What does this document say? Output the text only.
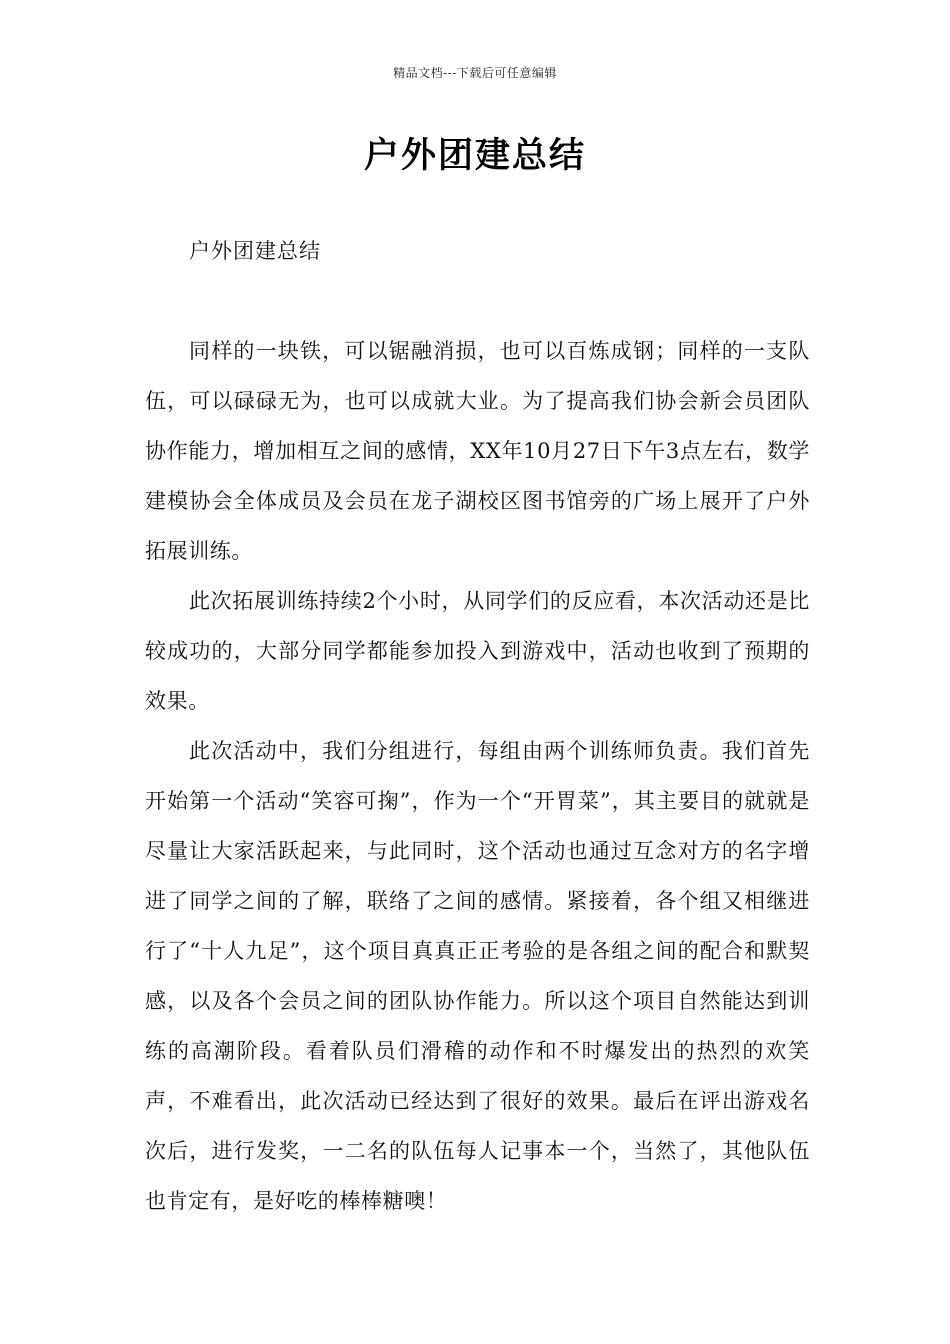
精品文档---下载后可任意编辑
户外团建总结
户外团建总结

同样的一块铁，可以锯融消损，也可以百炼成钢；同样的一支队伍，可以碌碌无为，也可以成就大业。为了提高我们协会新会员团队协作能力，增加相互之间的感情，XX年10月27日下午3点左右，数学建模协会全体成员及会员在龙子湖校区图书馆旁的广场上展开了户外拓展训练。

此次拓展训练持续2个小时，从同学们的反应看，本次活动还是比较成功的，大部分同学都能参加投入到游戏中，活动也收到了预期的效果。

此次活动中，我们分组进行，每组由两个训练师负责。我们首先开始第一个活动“笑容可掬”，作为一个“开胃菜”，其主要目的就就是尽量让大家活跃起来，与此同时，这个活动也通过互念对方的名字增进了同学之间的了解，联络了之间的感情。紧接着，各个组又相继进行了“十人九足”，这个项目真真正正考验的是各组之间的配合和默契感，以及各个会员之间的团队协作能力。所以这个项目自然能达到训练的高潮阶段。看着队员们滑稽的动作和不时爆发出的热烈的欢笑声，不难看出，此次活动已经达到了很好的效果。最后在评出游戏名次后，进行发奖，一二名的队伍每人记事本一个，当然了，其他队伍也肯定有，是好吃的棒棒糖噢！
